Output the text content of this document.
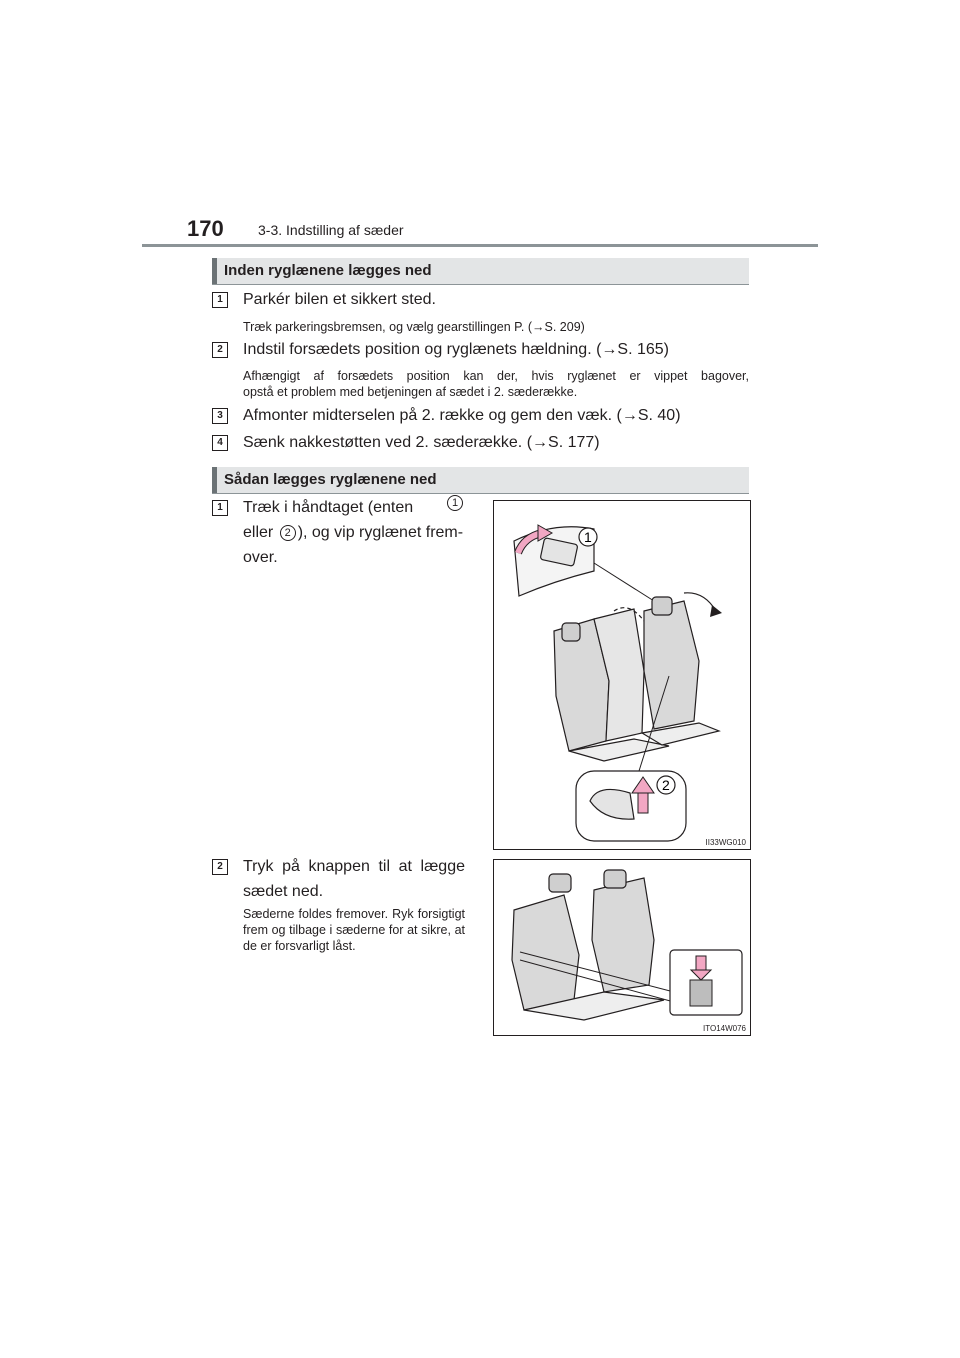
170 3-3. Indstilling af sæder
Inden ryglænene lægges ned
1	Parkér bilen et sikkert sted.
Træk parkeringsbremsen, og vælg gearstillingen P. (→S. 209)
2	Indstil forsædets position og ryglænets hældning. (→S. 165)
Afhængigt af forsædets position kan der, hvis ryglænet er vippet bagover,
opstå et problem med betjeningen af sædet i 2. sæderække.
3	Afmonter midterselen på 2. række og gem den væk. (→S. 40)
4	Sænk nakkestøtten ved 2. sæderække. (→S. 177)
Sådan lægges ryglænene ned
1	Træk i håndtaget (enten	1
eller 2 ), og vip ryglænet frem-
over.
1
2
II33WG010
2	Tryk på knappen til at lægge
sædet ned.
Sæderne foldes fremover. Ryk forsigtigt frem og tilbage i sæderne for at sikre, at de er forsvarligt låst.
ITO14W076
